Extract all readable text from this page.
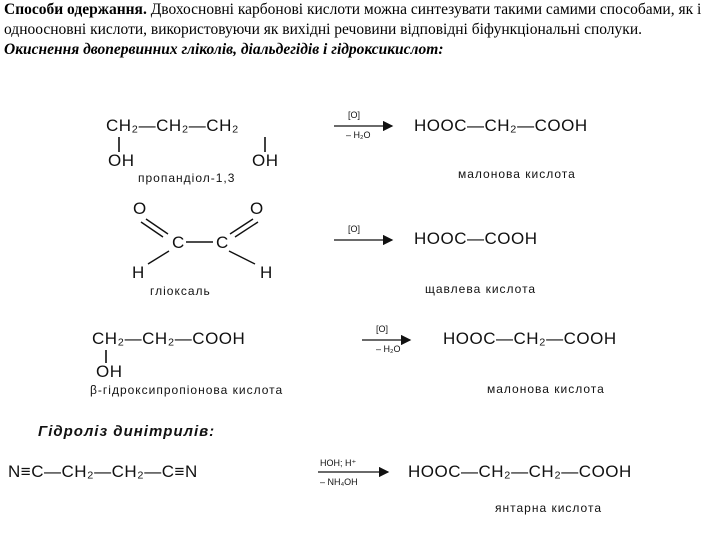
Способи одержання. Двохосновні карбонові кислоти можна синтезувати такими самими способами, як і одноосновні кислоти, використовуючи як вихідні речовини відповідні біфункціональні сполуки.
Окиснення двопервинних гліколів, діальдегідів і гідроксикислот:
CH₂—CH₂—CH₂
OH	OH
пропандіол-1,3
[O]
– H₂O	HOOC—CH₂—COOH
малонова кислота
O	O
C C
H	H
гліоксаль
[O]	HOOC—COOH
щавлева кислота
CH₂—CH₂—COOH
OH
β-гідроксипропіонова кислота
[O]
– H₂O
HOOC—CH₂—COOH
малонова кислота
Гідроліз динітрилів:
N≡C—CH₂—CH₂—C≡N	HOH; H⁺
– NH₄OH
HOOC—CH₂—CH₂—COOH
янтарна кислота
